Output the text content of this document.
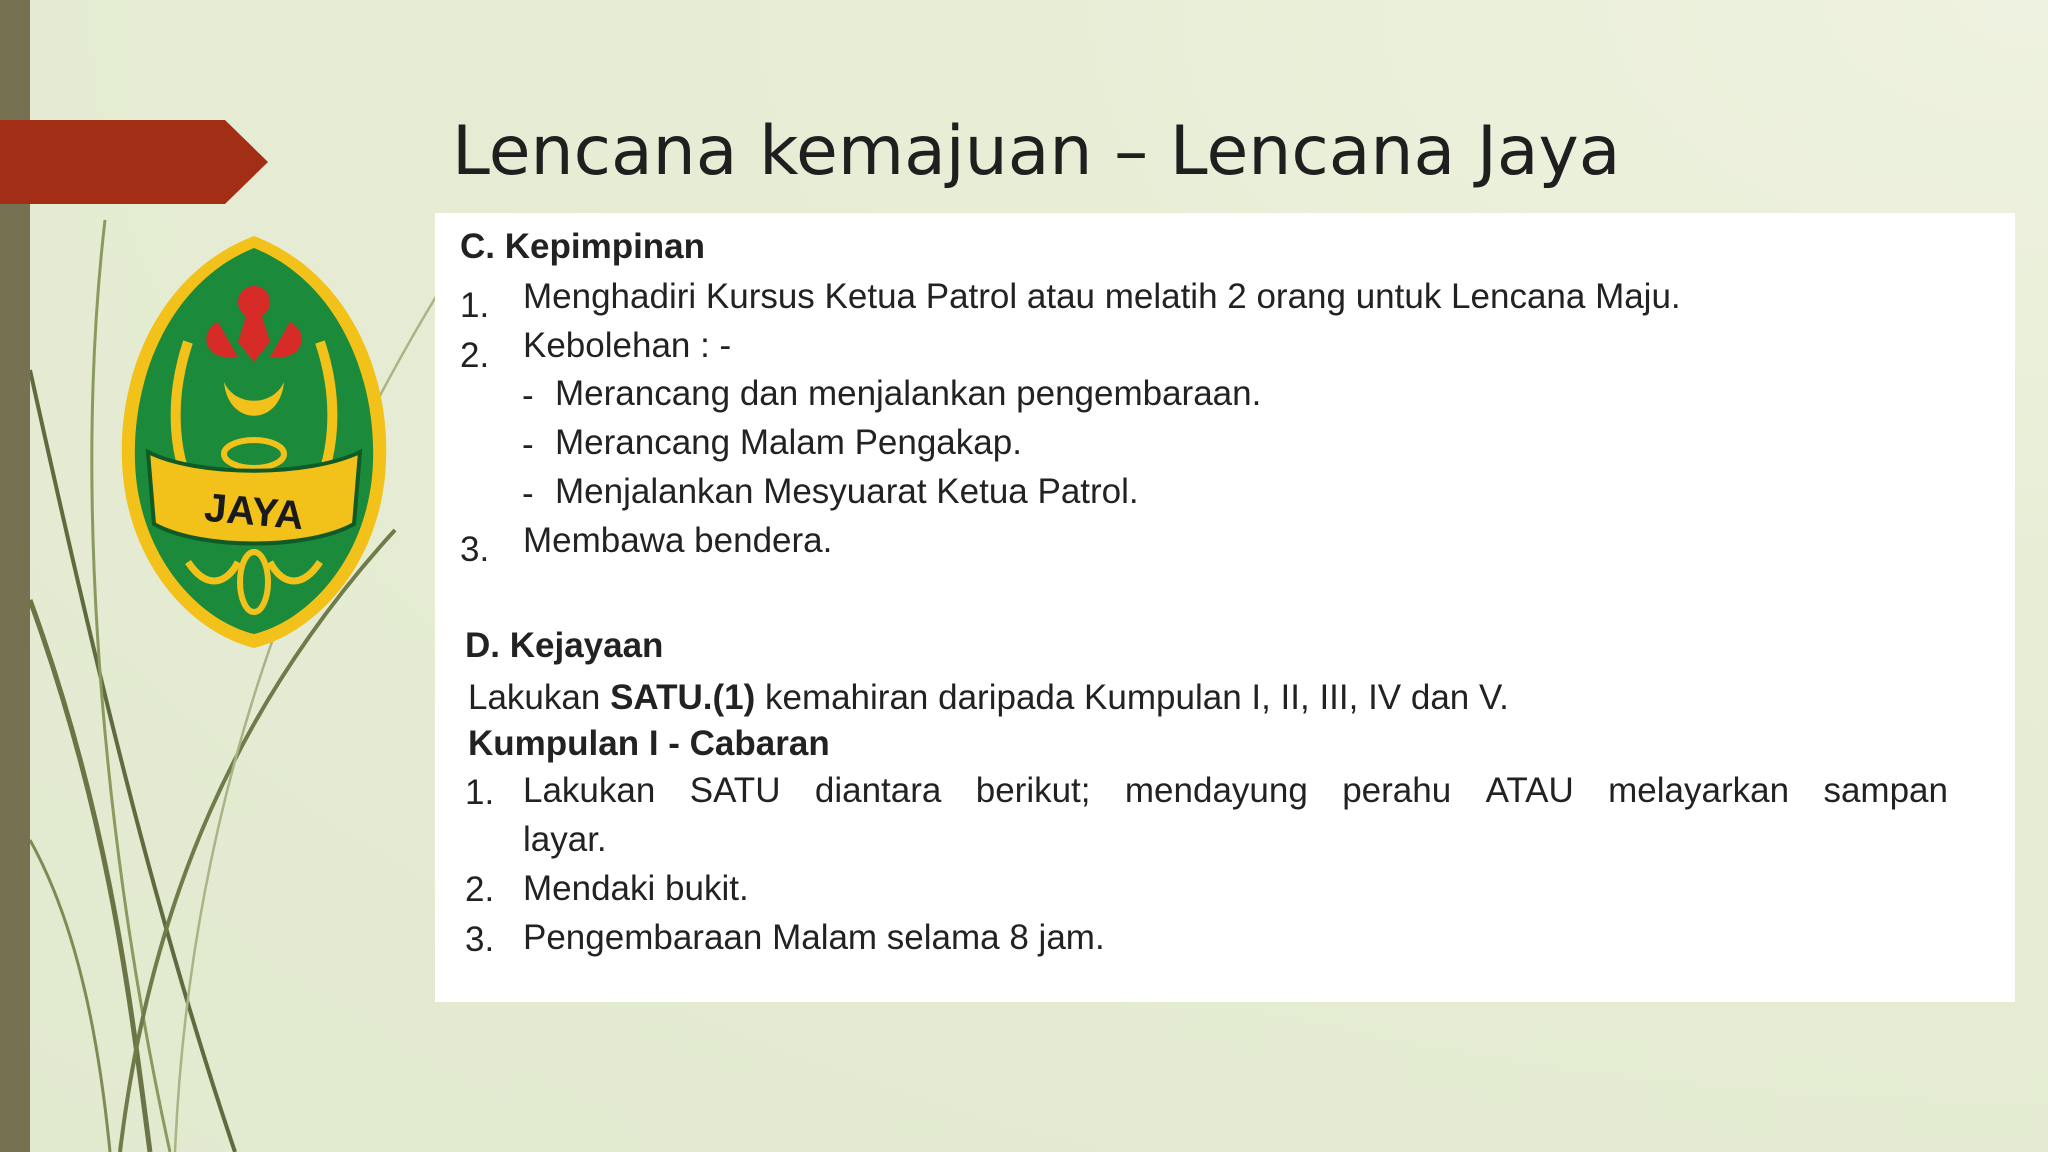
Lencana kemajuan – Lencana Jaya
JAYA
C. Kepimpinan
1. Menghadiri Kursus Ketua Patrol atau melatih 2 orang untuk Lencana Maju.
2. Kebolehan : -
- Merancang dan menjalankan pengembaraan.
- Merancang Malam Pengakap.
- Menjalankan Mesyuarat Ketua Patrol.
3. Membawa bendera.
D. Kejayaan
Lakukan SATU.(1) kemahiran daripada Kumpulan I, II, III, IV dan V.
Kumpulan I - Cabaran
1. Lakukan SATU diantara berikut; mendayung perahu ATAU melayarkan sampan
layar.
2. Mendaki bukit.
3. Pengembaraan Malam selama 8 jam.
